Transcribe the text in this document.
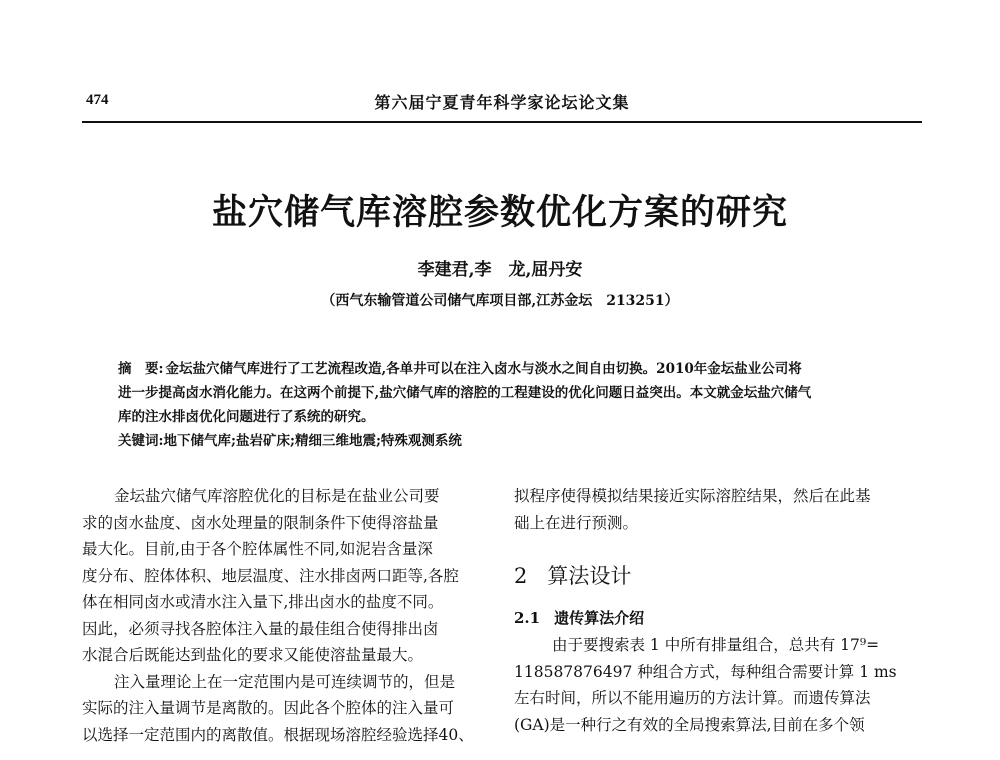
474	第六届宁夏青年科学家论坛论文集
盐穴储气库溶腔参数优化方案的研究
李建君,李　龙,屈丹安
（西气东输管道公司储气库项目部,江苏金坛　213251）

摘　要: 金坛盐穴储气库进行了工艺流程改造,各单井可以在注入卤水与淡水之间自由切换。2010年金坛盐业公司将

进一步提高卤水消化能力。在这两个前提下,盐穴储气库的溶腔的工程建设的优化问题日益突出。本文就金坛盐穴储气

库的注水排卤优化问题进行了系统的研究。

关键词:地下储气库;盐岩矿床;精细三维地震;特殊观测系统

金坛盐穴储气库溶腔优化的目标是在盐业公司要
求的卤水盐度、卤水处理量的限制条件下使得溶盐量
最大化。目前,由于各个腔体属性不同,如泥岩含量深
度分布、腔体体积、地层温度、注水排卤两口距等,各腔
体在相同卤水或清水注入量下,排出卤水的盐度不同。
因此，必须寻找各腔体注入量的最佳组合使得排出卤
水混合后既能达到盐化的要求又能使溶盐量最大。
注入量理论上在一定范围内是可连续调节的，但是
实际的注入量调节是离散的。因此各个腔体的注入量可
以选择一定范围内的离散值。根据现场溶腔经验选择40、
拟程序使得模拟结果接近实际溶腔结果，然后在此基
础上在进行预测。
2 算法设计
2.1 遗传算法介绍
由于要搜索表 1 中所有排量组合，总共有 17⁹=
118587876497 种组合方式，每种组合需要计算 1 ms
左右时间，所以不能用遍历的方法计算。而遗传算法
(GA)是一种行之有效的全局搜索算法,目前在多个领
